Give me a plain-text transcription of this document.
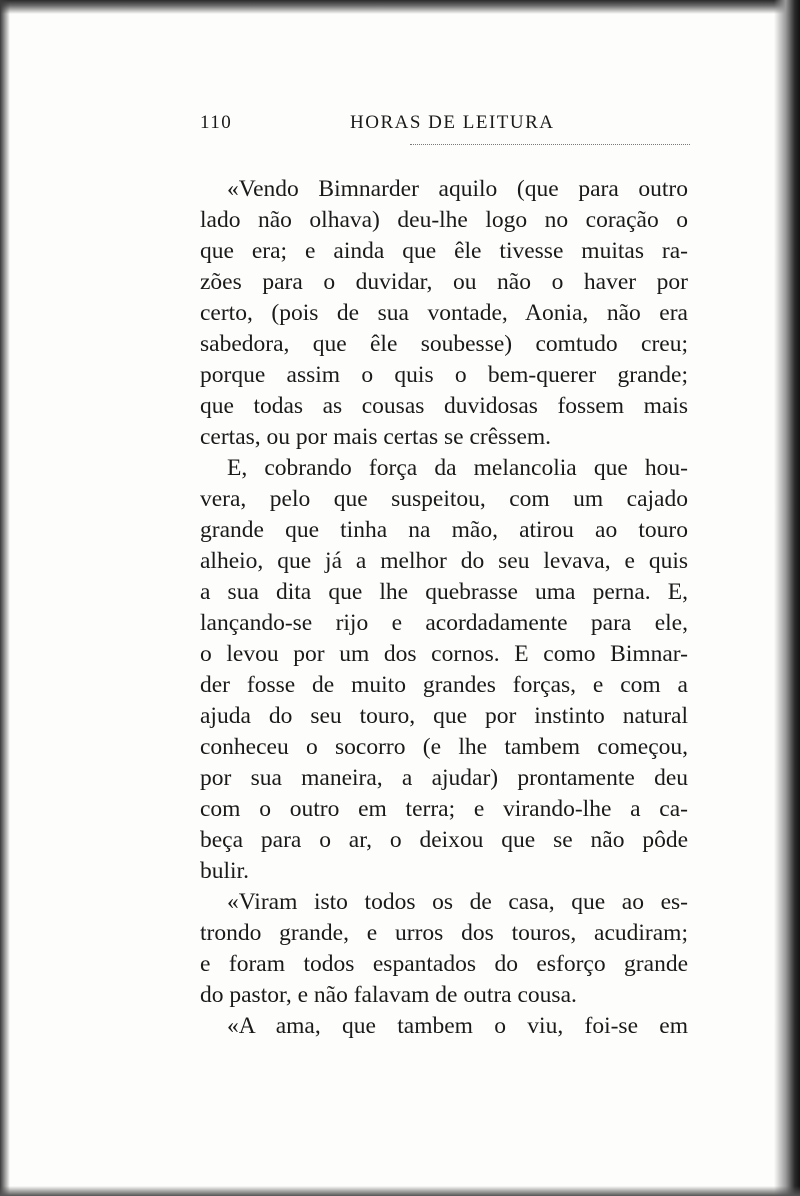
110	HORAS DE LEITURA
«Vendo Bimnarder aquilo (que para outro
lado não olhava) deu-lhe logo no coração o
que era; e ainda que êle tivesse muitas ra-
zões para o duvidar, ou não o haver por
certo, (pois de sua vontade, Aonia, não era
sabedora, que êle soubesse) comtudo creu;
porque assim o quis o bem-querer grande;
que todas as cousas duvidosas fossem mais
certas, ou por mais certas se crêssem.
E, cobrando força da melancolia que hou-
vera, pelo que suspeitou, com um cajado
grande que tinha na mão, atirou ao touro
alheio, que já a melhor do seu levava, e quis
a sua dita que lhe quebrasse uma perna. E,
lançando-se rijo e acordadamente para ele,
o levou por um dos cornos. E como Bimnar-
der fosse de muito grandes forças, e com a
ajuda do seu touro, que por instinto natural
conheceu o socorro (e lhe tambem começou,
por sua maneira, a ajudar) prontamente deu
com o outro em terra; e virando-lhe a ca-
beça para o ar, o deixou que se não pôde
bulir.
«Viram isto todos os de casa, que ao es-
trondo grande, e urros dos touros, acudiram;
e foram todos espantados do esforço grande
do pastor, e não falavam de outra cousa.
«A ama, que tambem o viu, foi-se em
